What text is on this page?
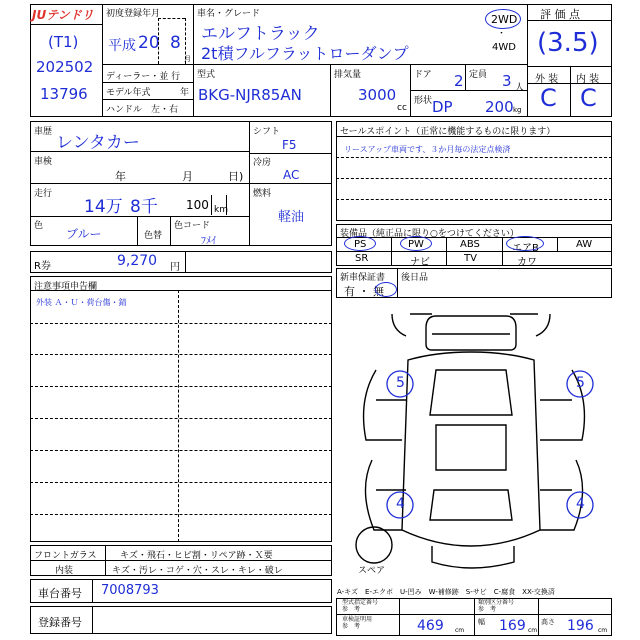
JUテンドリ
(T1)
202502
13796
初度登録年月
平成 20 8
月
車名・グレード
エルフトラック
2t積フルフラットローダンプ
2WD
・
4WD
評 価 点
(3.5)
ディーラー・並 行
モデル年式	年
ハンドル　左・右
型式
BKG-NJR85AN
排気量
3000
cc
ドア 2 定員 3 人
形状 DP 200 kg
外 装 内 装
C C
車歴
レンタカー
車検
年	月	日)
走行
14万 8千 100 km
色
ブルー	色替
色コード
ﾌﾒｲ
シフト
F5
冷房
AC
燃料
軽油
R券	9,270 円
注意事項申告欄
外装 Ａ・Ｕ・荷台傷・錆
フロントガラス	キズ・飛石・ヒビ割・リペア跡・Ｘ要
内装	キズ・汚レ・コゲ・穴・スレ・キレ・破レ
車台番号 7008793
登録番号
セールスポイント（正常に機能するものに限ります）
リースアップ車両です、３か月毎の法定点検済
装備品（純正品に限り○をつけてください）
PS	PW	ABS	エアB	AW
SR	ナビ	TV	カワ
新車保証書
有 ・ 無
後日品
5	5
4	4
スペア
A-キズ　E-エクボ　U-凹み　W-補修跡　S-サビ　C-腐食　XX-交換済
型式指定番号
参　考
類別区分番号
参　考
車検証明用
参　考	469 cm
幅 169 cm
高さ 196 cm
